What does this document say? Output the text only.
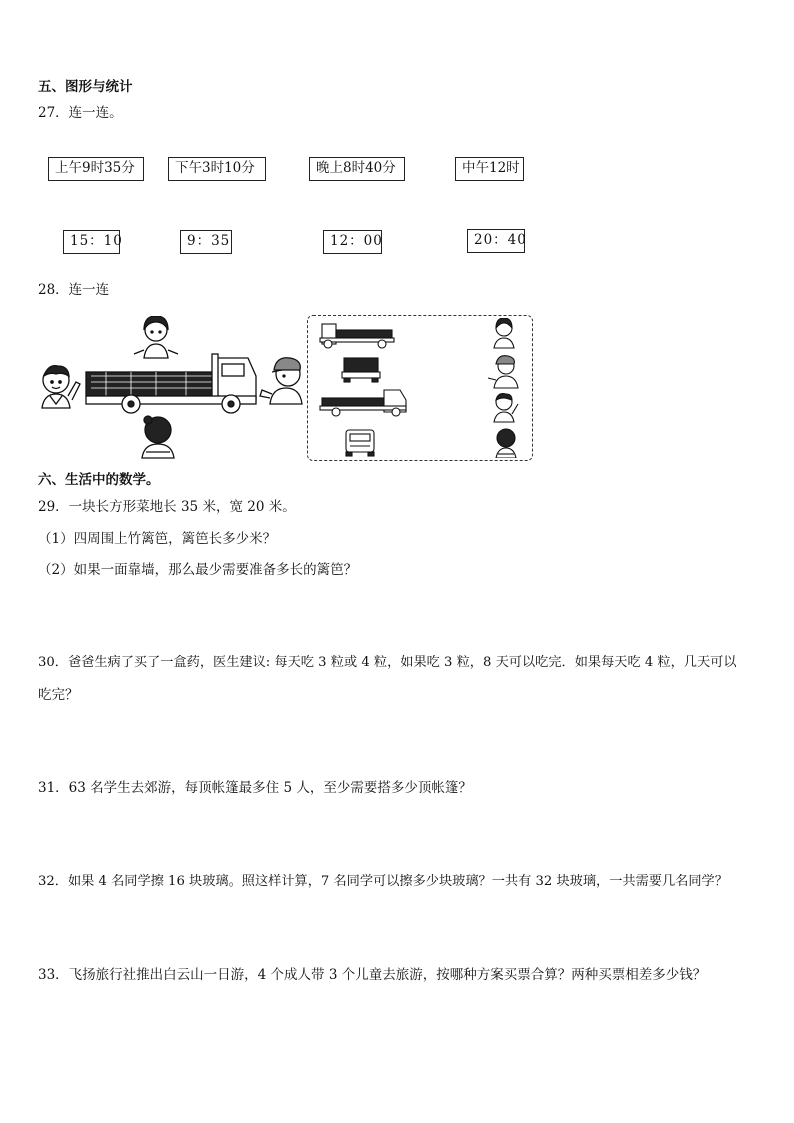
五、图形与统计
27．连一连。
上午9时35分	下午3时10分	晚上8时40分	中午12时
15：10	9：35	12：00	20：40
28．连一连
六、生活中的数学。
29．一块长方形菜地长 35 米，宽 20 米。
（1）四周围上竹篱笆，篱笆长多少米？
（2）如果一面靠墙，那么最少需要准备多长的篱笆？
30．爸爸生病了买了一盒药，医生建议: 每天吃 3 粒或 4 粒，如果吃 3 粒，8 天可以吃完．如果每天吃 4 粒，几天可以
吃完？
31．63 名学生去郊游，每顶帐篷最多住 5 人，至少需要搭多少顶帐篷？
32．如果 4 名同学擦 16 块玻璃。照这样计算，7 名同学可以擦多少块玻璃？一共有 32 块玻璃，一共需要几名同学？
33．飞扬旅行社推出白云山一日游，4 个成人带 3 个儿童去旅游，按哪种方案买票合算？两种买票相差多少钱？
